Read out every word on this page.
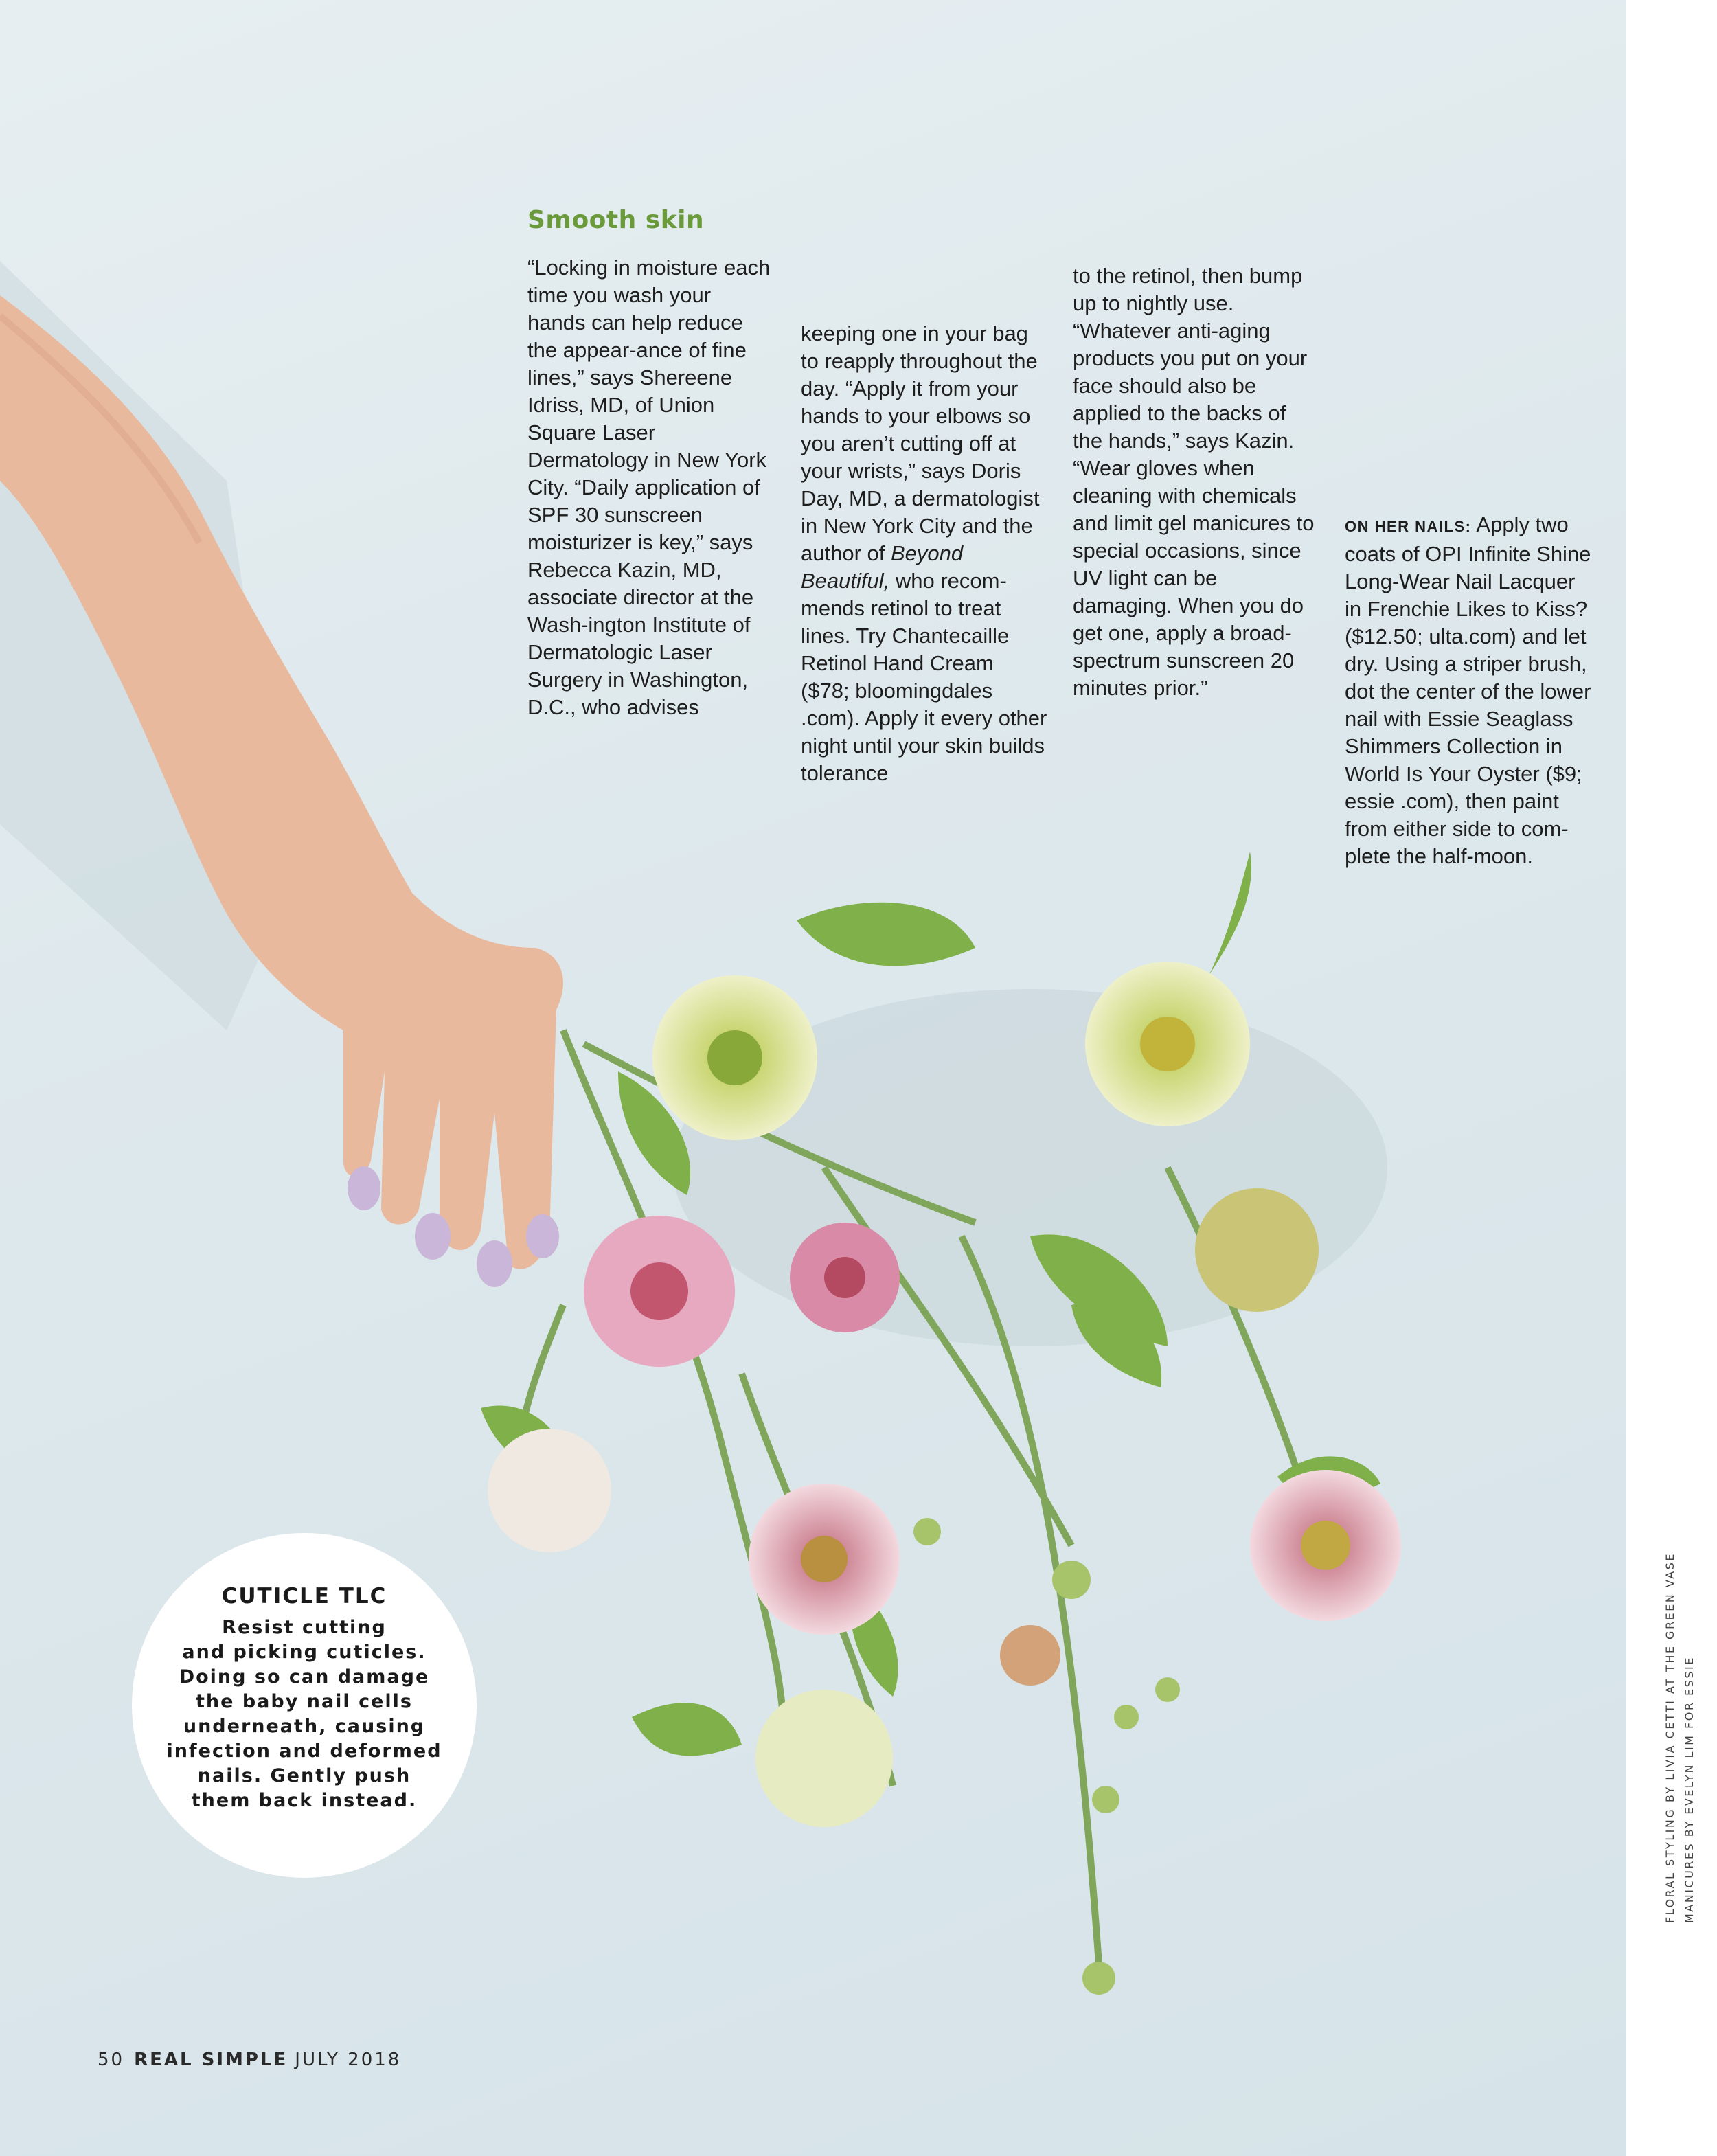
Smooth skin

“Locking in moisture each time you wash your hands can help reduce the appear-ance of fine lines,” says Shereene Idriss, MD, of Union Square Laser Dermatology in New York City. “Daily application of SPF 30 sunscreen moisturizer is key,” says Rebecca Kazin, MD, associate director at the Wash-ington Institute of Dermatologic Laser Surgery in Washington, D.C., who advises

keeping one in your bag to reapply throughout the day. “Apply it from your hands to your elbows so you aren’t cutting off at your wrists,” says Doris Day, MD, a dermatologist in New York City and the author of Beyond Beautiful, who recom-mends retinol to treat lines. Try Chantecaille Retinol Hand Cream ($78; bloomingdales .com). Apply it every other night until your skin builds tolerance

to the retinol, then bump up to nightly use. “Whatever anti-aging products you put on your face should also be applied to the backs of the hands,” says Kazin. “Wear gloves when cleaning with chemicals and limit gel manicures to special occasions, since UV light can be damaging. When you do get one, apply a broad-spectrum sunscreen 20 minutes prior.”

ON HER NAILS: Apply two coats of OPI Infinite Shine Long-Wear Nail Lacquer in Frenchie Likes to Kiss? ($12.50; ulta.com) and let dry. Using a striper brush, dot the center of the lower nail with Essie Seaglass Shimmers Collection in World Is Your Oyster ($9; essie .com), then paint from either side to com-plete the half-moon.

CUTICLE TLC
Resist cutting
and picking cuticles.
Doing so can damage
the baby nail cells
underneath, causing
infection and deformed
nails. Gently push
them back instead.
50 REAL SIMPLE JULY 2018
FLORAL STYLING BY LIVIA CETTI AT THE GREEN VASE MANICURES BY EVELYN LIM FOR ESSIE
